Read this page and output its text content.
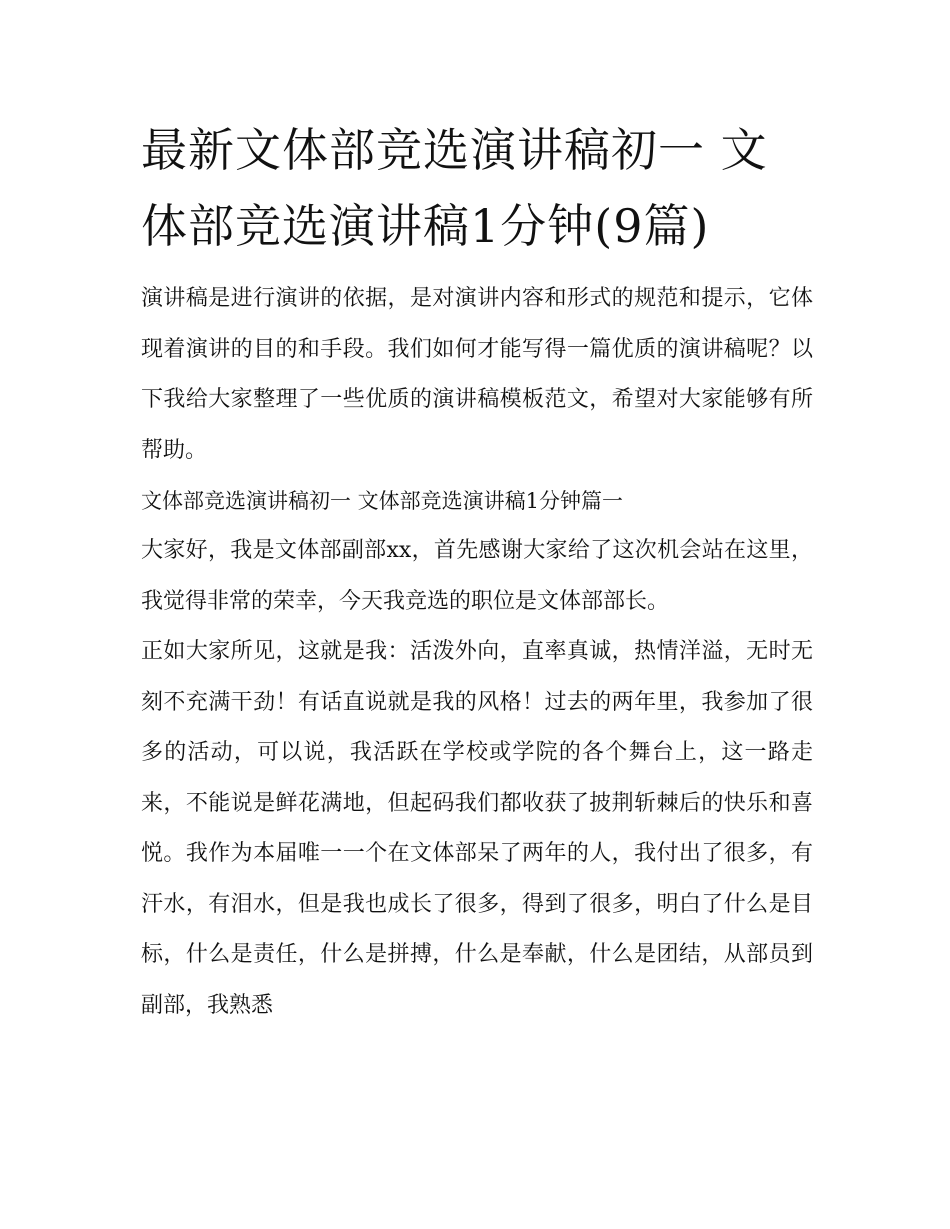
最新文体部竞选演讲稿初一 文体部竞选演讲稿1分钟(9篇)

演讲稿是进行演讲的依据，是对演讲内容和形式的规范和提示，它体现着演讲的目的和手段。我们如何才能写得一篇优质的演讲稿呢？以下我给大家整理了一些优质的演讲稿模板范文，希望对大家能够有所帮助。

文体部竞选演讲稿初一 文体部竞选演讲稿1分钟篇一

大家好，我是文体部副部xx，首先感谢大家给了这次机会站在这里，我觉得非常的荣幸，今天我竞选的职位是文体部部长。

正如大家所见，这就是我：活泼外向，直率真诚，热情洋溢，无时无刻不充满干劲！有话直说就是我的风格！过去的两年里，我参加了很多的活动，可以说，我活跃在学校或学院的各个舞台上，这一路走来，不能说是鲜花满地，但起码我们都收获了披荆斩棘后的快乐和喜悦。我作为本届唯一一个在文体部呆了两年的人，我付出了很多，有汗水，有泪水，但是我也成长了很多，得到了很多，明白了什么是目标，什么是责任，什么是拼搏，什么是奉献，什么是团结，从部员到副部，我熟悉
